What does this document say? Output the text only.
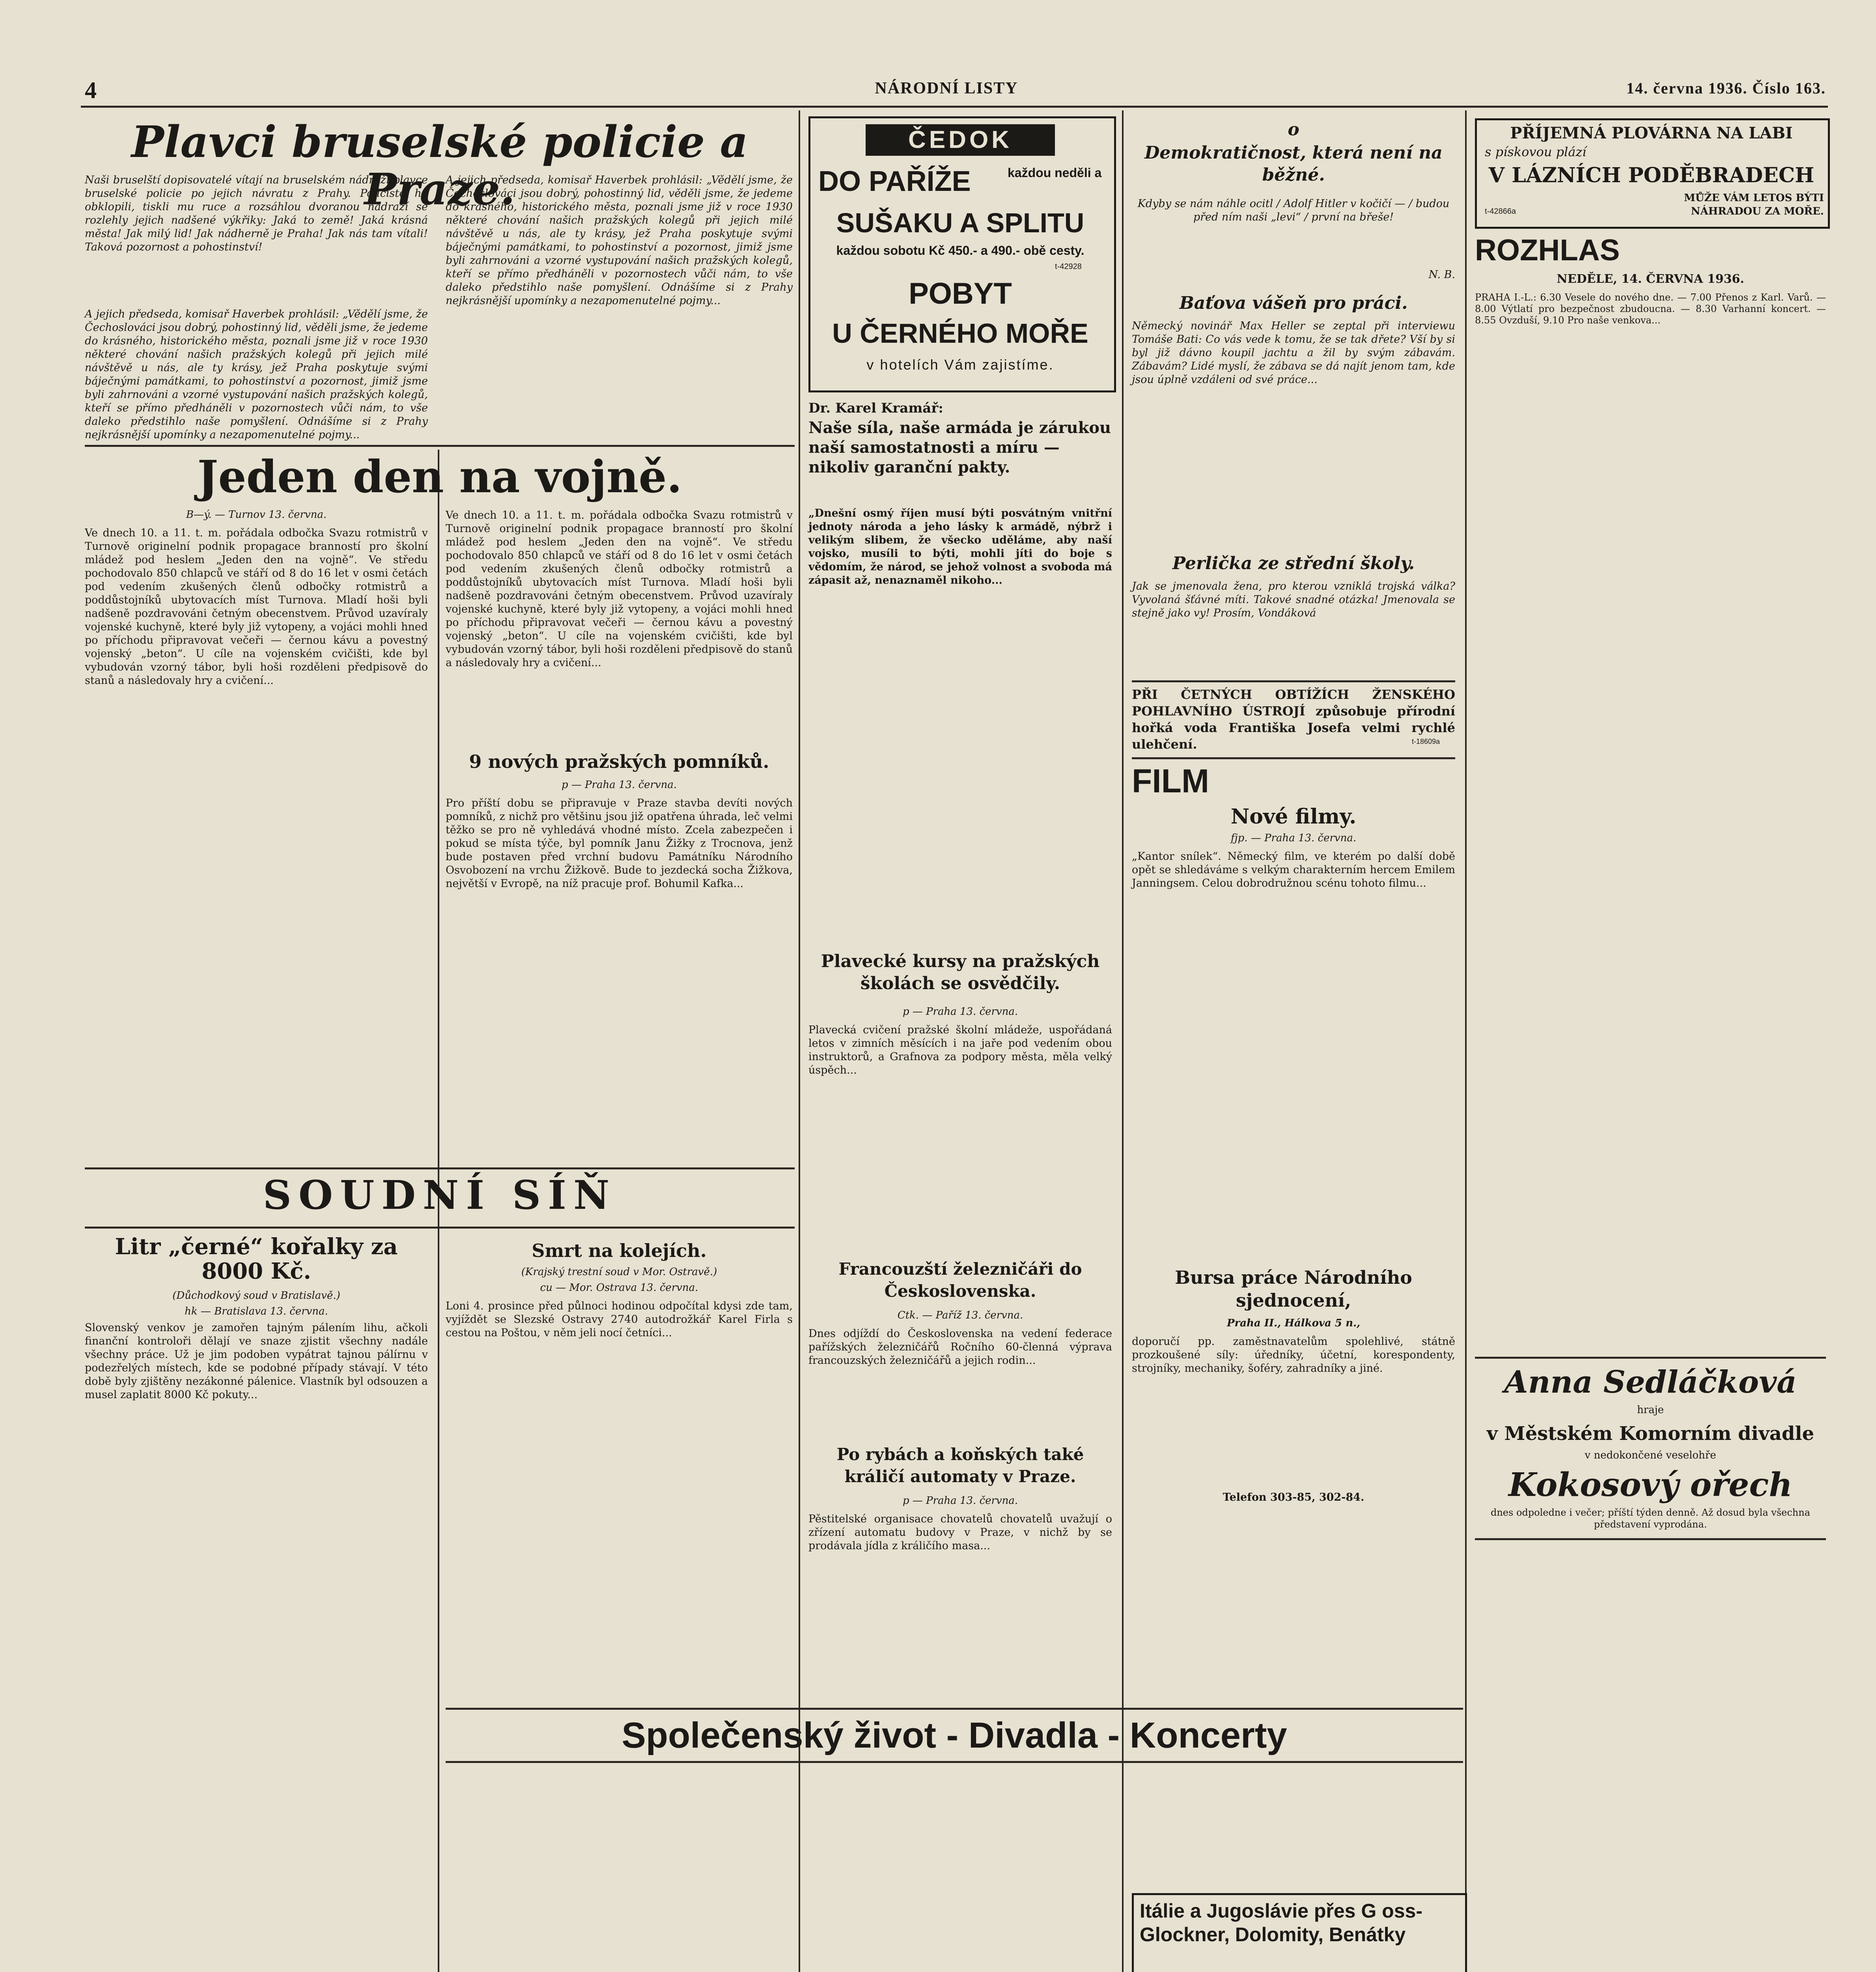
4	NÁRODNÍ LISTY	14. června 1936. Číslo 163.
Plavci bruselské policie a Praze.
Naši bruselští dopisovatelé vítají na bruselském nádraží plavce bruselské policie po jejich návratu z Prahy. Policisté ho obklopili, tiskli mu ruce a rozsáhlou dvoranou nádraží se rozlehly jejich nadšené výkřiky: Jaká to země! Jaká krásná města! Jak milý lid! Jak nádherně je Praha! Jak nás tam vítali! Taková pozornost a pohostinství!
A jejich předseda, komisař Haverbek prohlásil: „Vědělí jsme, že Čechoslováci jsou dobrý, pohostinný lid, věděli jsme, že jedeme do krásného, historického města, poznali jsme již v roce 1930 některé chování našich pražských kolegů při jejich milé návštěvě u nás, ale ty krásy, jež Praha poskytuje svými báječnými památkami, to pohostinství a pozornost, jimiž jsme byli zahrnováni a vzorné vystupování našich pražských kolegů, kteří se přímo předháněli v pozornostech vůči nám, to vše daleko předstihlo naše pomyšlení. Odnášíme si z Prahy nejkrásnější upomínky a nezapomenutelné pojmy...
A jejich předseda, komisař Haverbek prohlásil: „Vědělí jsme, že Čechoslováci jsou dobrý, pohostinný lid, věděli jsme, že jedeme do krásného, historického města, poznali jsme již v roce 1930 některé chování našich pražských kolegů při jejich milé návštěvě u nás, ale ty krásy, jež Praha poskytuje svými báječnými památkami, to pohostinství a pozornost, jimiž jsme byli zahrnováni a vzorné vystupování našich pražských kolegů, kteří se přímo předháněli v pozornostech vůči nám, to vše daleko předstihlo naše pomyšlení. Odnášíme si z Prahy nejkrásnější upomínky a nezapomenutelné pojmy...
Jeden den na vojně.
B—ý. — Turnov 13. června.
Ve dnech 10. a 11. t. m. pořádala odbočka Svazu rotmistrů v Turnově originelní podnik propagace branností pro školní mládež pod heslem „Jeden den na vojně“. Ve středu pochodovalo 850 chlapců ve stáří od 8 do 16 let v osmi četách pod vedením zkušených členů odbočky rotmistrů a poddůstojníků ubytovacích míst Turnova. Mladí hoši byli nadšeně pozdravováni četným obecenstvem. Průvod uzavíraly vojenské kuchyně, které byly již vytopeny, a vojáci mohli hned po příchodu připravovat večeři — černou kávu a povestný vojenský „beton“. U cíle na vojenském cvičišti, kde byl vybudován vzorný tábor, byli hoši rozděleni předpisově do stanů a následovaly hry a cvičení...
Ve dnech 10. a 11. t. m. pořádala odbočka Svazu rotmistrů v Turnově originelní podnik propagace branností pro školní mládež pod heslem „Jeden den na vojně“. Ve středu pochodovalo 850 chlapců ve stáří od 8 do 16 let v osmi četách pod vedením zkušených členů odbočky rotmistrů a poddůstojníků ubytovacích míst Turnova. Mladí hoši byli nadšeně pozdravováni četným obecenstvem. Průvod uzavíraly vojenské kuchyně, které byly již vytopeny, a vojáci mohli hned po příchodu připravovat večeři — černou kávu a povestný vojenský „beton“. U cíle na vojenském cvičišti, kde byl vybudován vzorný tábor, byli hoši rozděleni předpisově do stanů a následovaly hry a cvičení...
9 nových pražských pomníků.
p — Praha 13. června.
Pro příští dobu se připravuje v Praze stavba devíti nových pomníků, z nichž pro většinu jsou již opatřena úhrada, leč velmi těžko se pro ně vyhledává vhodné místo. Zcela zabezpečen i pokud se místa týče, byl pomník Janu Žižky z Trocnova, jenž bude postaven před vrchní budovu Památníku Národního Osvobození na vrchu Žižkově. Bude to jezdecká socha Žižkova, největší v Evropě, na níž pracuje prof. Bohumil Kafka...
SOUDNÍ SÍŇ
Litr „černé“ kořalky za 8000 Kč.
(Důchodkový soud v Bratislavě.)
hk — Bratislava 13. června.
Slovenský venkov je zamořen tajným pálením lihu, ačkoli finanční kontroloři dělají ve snaze zjistit všechny nadále všechny práce. Už je jim podoben vypátrat tajnou pálírnu v podezřelých místech, kde se podobné případy stávají. V této době byly zjištěny nezákonné pálenice. Vlastník byl odsouzen a musel zaplatit 8000 Kč pokuty...
Smrt na kolejích.
(Krajský trestní soud v Mor. Ostravě.)
cu — Mor. Ostrava 13. června.
Loni 4. prosince před půlnoci hodinou odpočítal kdysi zde tam, vyjíždět se Slezské Ostravy 2740 autodrožkář Karel Firla s cestou na Poštou, v něm jeli nocí četníci...
ČEDOK
DO PAŘÍŽE	každou neděli a
SUŠAKU A SPLITU
každou sobotu Kč 450.- a 490.- obě cesty.
POBYT
U ČERNÉHO MOŘE
v hotelích Vám zajistíme.
t-42928
Dr. Karel Kramář:
Naše síla, naše armáda je zárukou naší samostatnosti a míru — nikoliv garanční pakty.
„Dnešní osmý říjen musí býti posvátným vnitřní jednoty národa a jeho lásky k armádě, nýbrž i velikým slibem, že všecko uděláme, aby naší vojsko, musíli to býti, mohli jíti do boje s vědomím, že národ, se jehož volnost a svoboda má zápasit až, nenaznaměl nikoho...
Plavecké kursy na pražských školách se osvědčily.
p — Praha 13. června.
Plavecká cvičení pražské školní mládeže, uspořádaná letos v zimních měsících i na jaře pod vedením obou instruktorů, a Grafnova za podpory města, měla velký úspěch...
Francouzští železničáři do Československa.
Ctk. — Paříž 13. června.
Dnes odjíždí do Československa na vedení federace pařížských železničářů Ročního 60-členná výprava francouzských železničářů a jejich rodin...
Po rybách a koňských také králičí automaty v Praze.
p — Praha 13. června.
Pěstitelské organisace chovatelů chovatelů uvažují o zřízení automatu budovy v Praze, v nichž by se prodávala jídla z králičího masa...
o
Demokratičnost, která není na běžné.
Kdyby se nám náhle ocitl / Adolf Hitler v kočičí — / budou před ním naši „levi“ / první na břeše!
N. B.
Baťova vášeň pro práci.
Německý novinář Max Heller se zeptal při interviewu Tomáše Bati: Co vás vede k tomu, že se tak dřete? Vší by si byl již dávno koupil jachtu a žil by svým zábavám. Zábavám? Lidé myslí, že zábava se dá najít jenom tam, kde jsou úplně vzdáleni od své práce...
Perlička ze střední školy.
Jak se jmenovala žena, pro kterou vzniklá trojská válka? Vyvolaná šťávné míti. Takové snadné otázka! Jmenovala se stejně jako vy! Prosím, Vondáková
PŘI ČETNÝCH OBTÍŽÍCH ŽENSKÉHO POHLAVNÍHO ÚSTROJÍ způsobuje přírodní hořká voda Františka Josefa velmi rychlé ulehčení.	t-18609a
FILM
Nové filmy.
fjp. — Praha 13. června.
„Kantor snílek“. Německý film, ve kterém po další době opět se shledáváme s velkým charakterním hercem Emilem Janningsem. Celou dobrodružnou scénu tohoto filmu...
Bursa práce Národního sjednocení,
Praha II., Hálkova 5 n.,
doporučí pp. zaměstnavatelům spolehlivé, státně prozkoušené síly: úředníky, účetní, korespondenty, strojníky, mechaniky, šoféry, zahradníky a jiné.
Telefon 303-85, 302-84.
PŘÍJEMNÁ PLOVÁRNA NA LABI
s pískovou plází
V LÁZNÍCH PODĚBRADECH
MŮŽE VÁM LETOS BÝTI NÁHRADOU ZA MOŘE.
t-42866a
ROZHLAS
NEDĚLE, 14. ČERVNA 1936.
PRAHA I.-L.: 6.30 Vesele do nového dne. — 7.00 Přenos z Karl. Varů. — 8.00 Výtlatí pro bezpečnost zbudoucna. — 8.30 Varhanní koncert. — 8.55 Ovzduší, 9.10 Pro naše venkova...
Anna Sedláčková
hraje
v Městském Komorním divadle
v nedokončené veselohře
Kokosový ořech
dnes odpoledne i večer; příští týden denně. Až dosud byla všechna představení vyprodána.
Společenský život - Divadla - Koncerty
Itálie a Jugoslávie přes G oss-Glockner, Dolomity, Benátky
